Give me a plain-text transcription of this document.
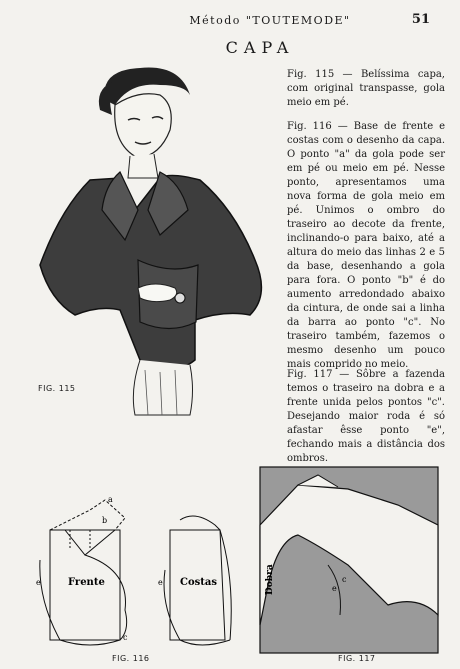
Método "TOUTEMODE"	51
CAPA
FIG. 115

Fig. 115 — Belíssima capa, com original transpasse, gola meio em pé.

Fig. 116 — Base de frente e costas com o desenho da capa. O ponto "a" da gola pode ser em pé ou meio em pé. Nesse ponto, apresentamos uma nova forma de gola meio em pé. Unimos o ombro do traseiro ao decote da frente, inclinando-o para baixo, até a altura do meio das linhas 2 e 5 da base, desenhando a gola para fora. O ponto "b" é do aumento arredondado abaixo da cintura, de onde sai a linha da barra ao ponto "c". No traseiro também, fazemos o mesmo desenho um pouco mais comprido no meio.

Fig. 117 — Sôbre a fazenda temos o traseiro na dobra e a frente unida pelos pontos "c". Desejando maior roda é só afastar êsse ponto "e", fechando mais a distância dos ombros.

a
b
c
e	e
Frente	Costas
FIG. 116
Dobra	c
e
FIG. 117
